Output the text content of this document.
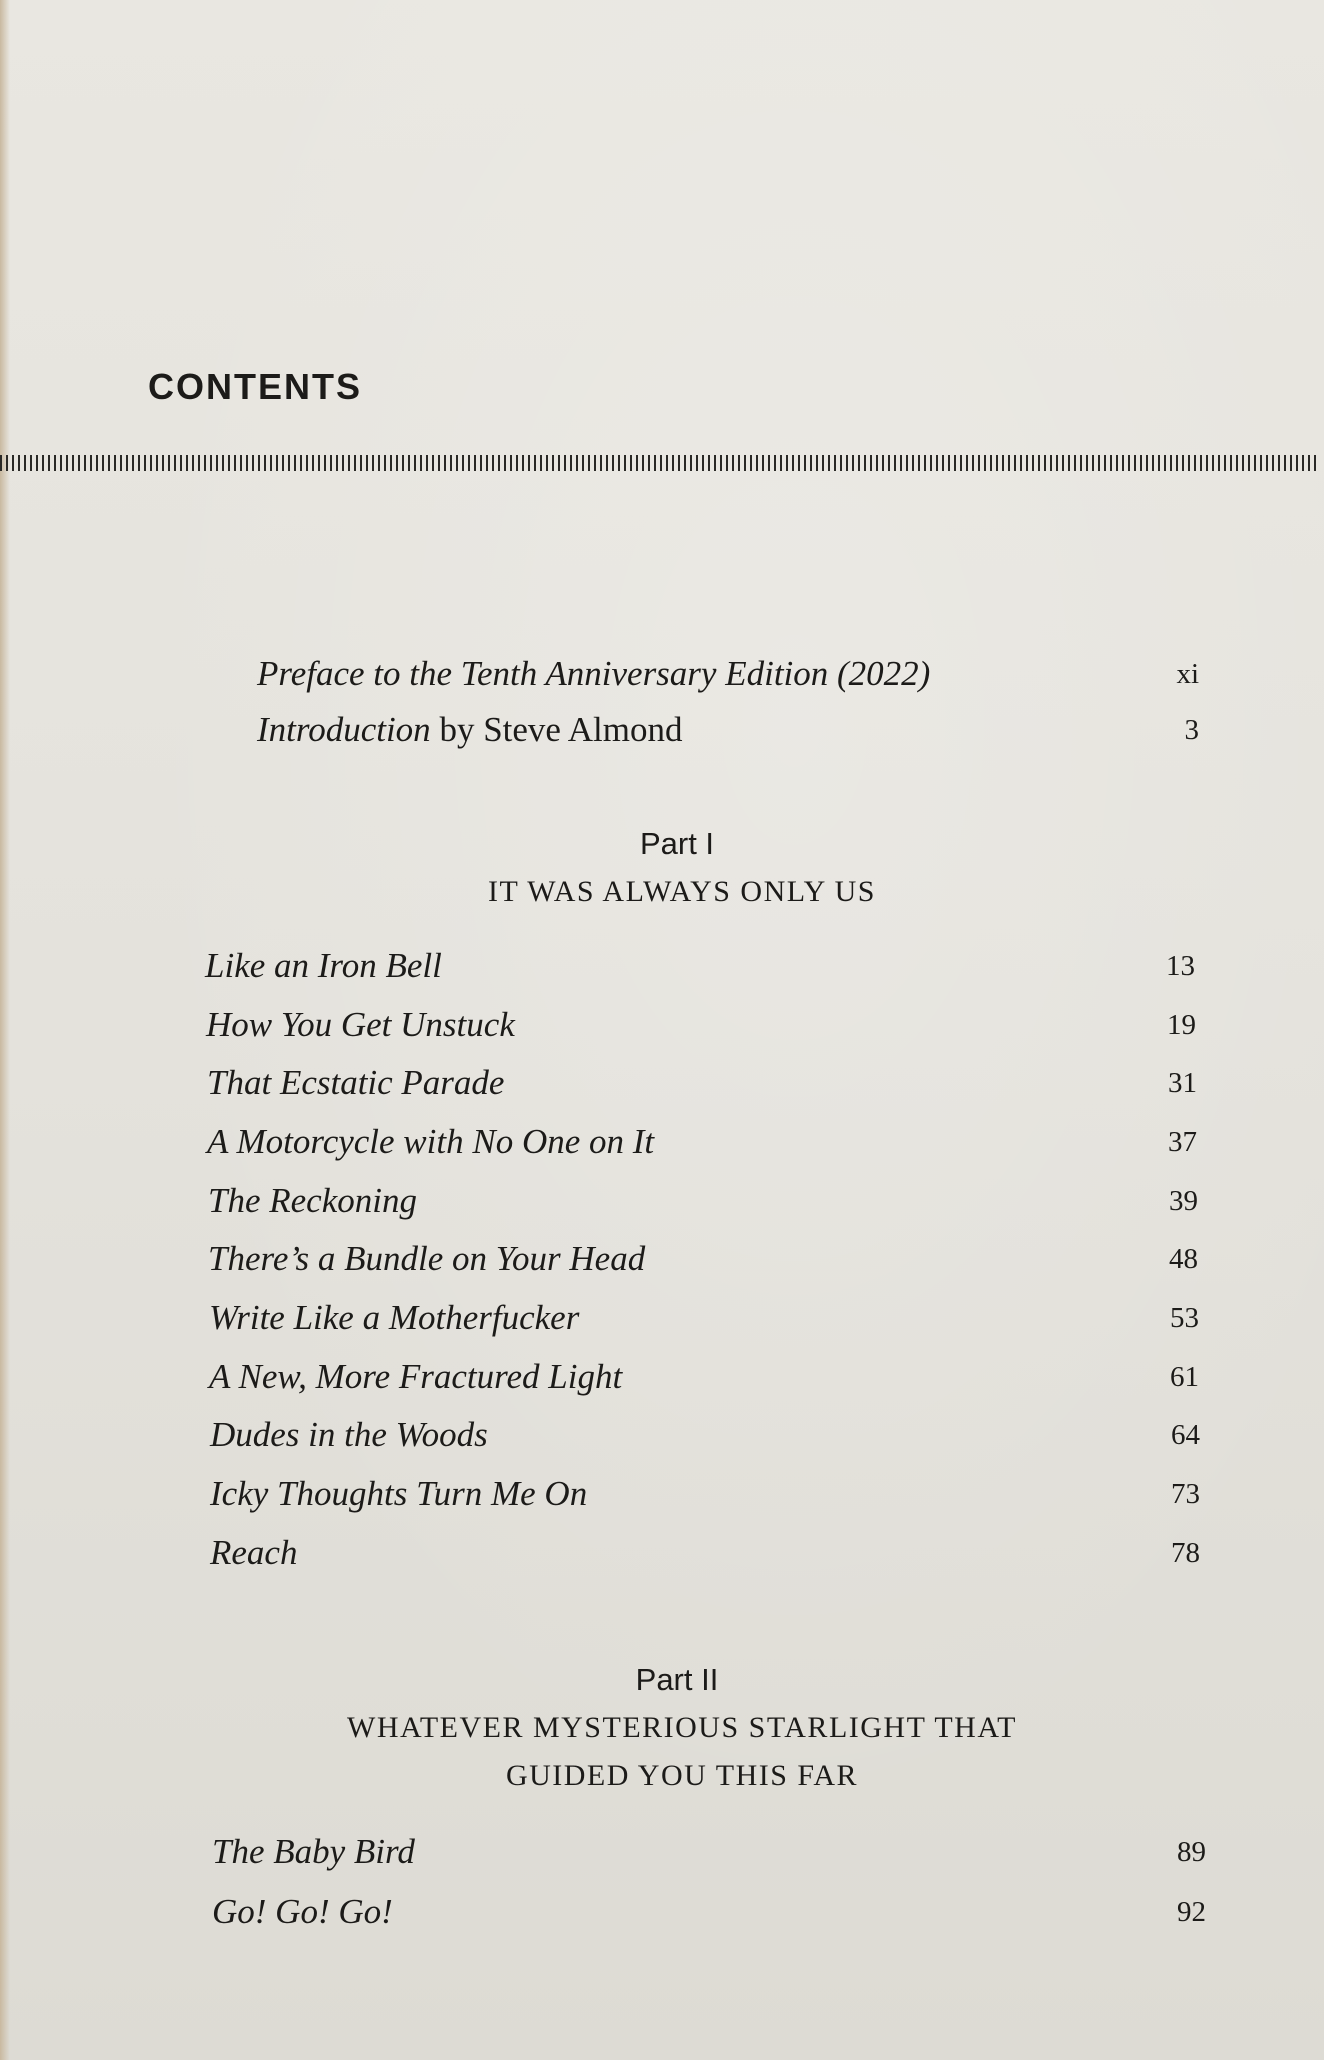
CONTENTS
Preface to the Tenth Anniversary Edition (2022)	xi
Introduction by Steve Almond	3
Part I
IT WAS ALWAYS ONLY US
Like an Iron Bell	13
How You Get Unstuck	19
That Ecstatic Parade	31
A Motorcycle with No One on It	37
The Reckoning	39
There’s a Bundle on Your Head	48
Write Like a Motherfucker	53
A New, More Fractured Light	61
Dudes in the Woods	64
Icky Thoughts Turn Me On	73
Reach	78
Part II
WHATEVER MYSTERIOUS STARLIGHT THAT
GUIDED YOU THIS FAR
The Baby Bird	89
Go! Go! Go!	92
